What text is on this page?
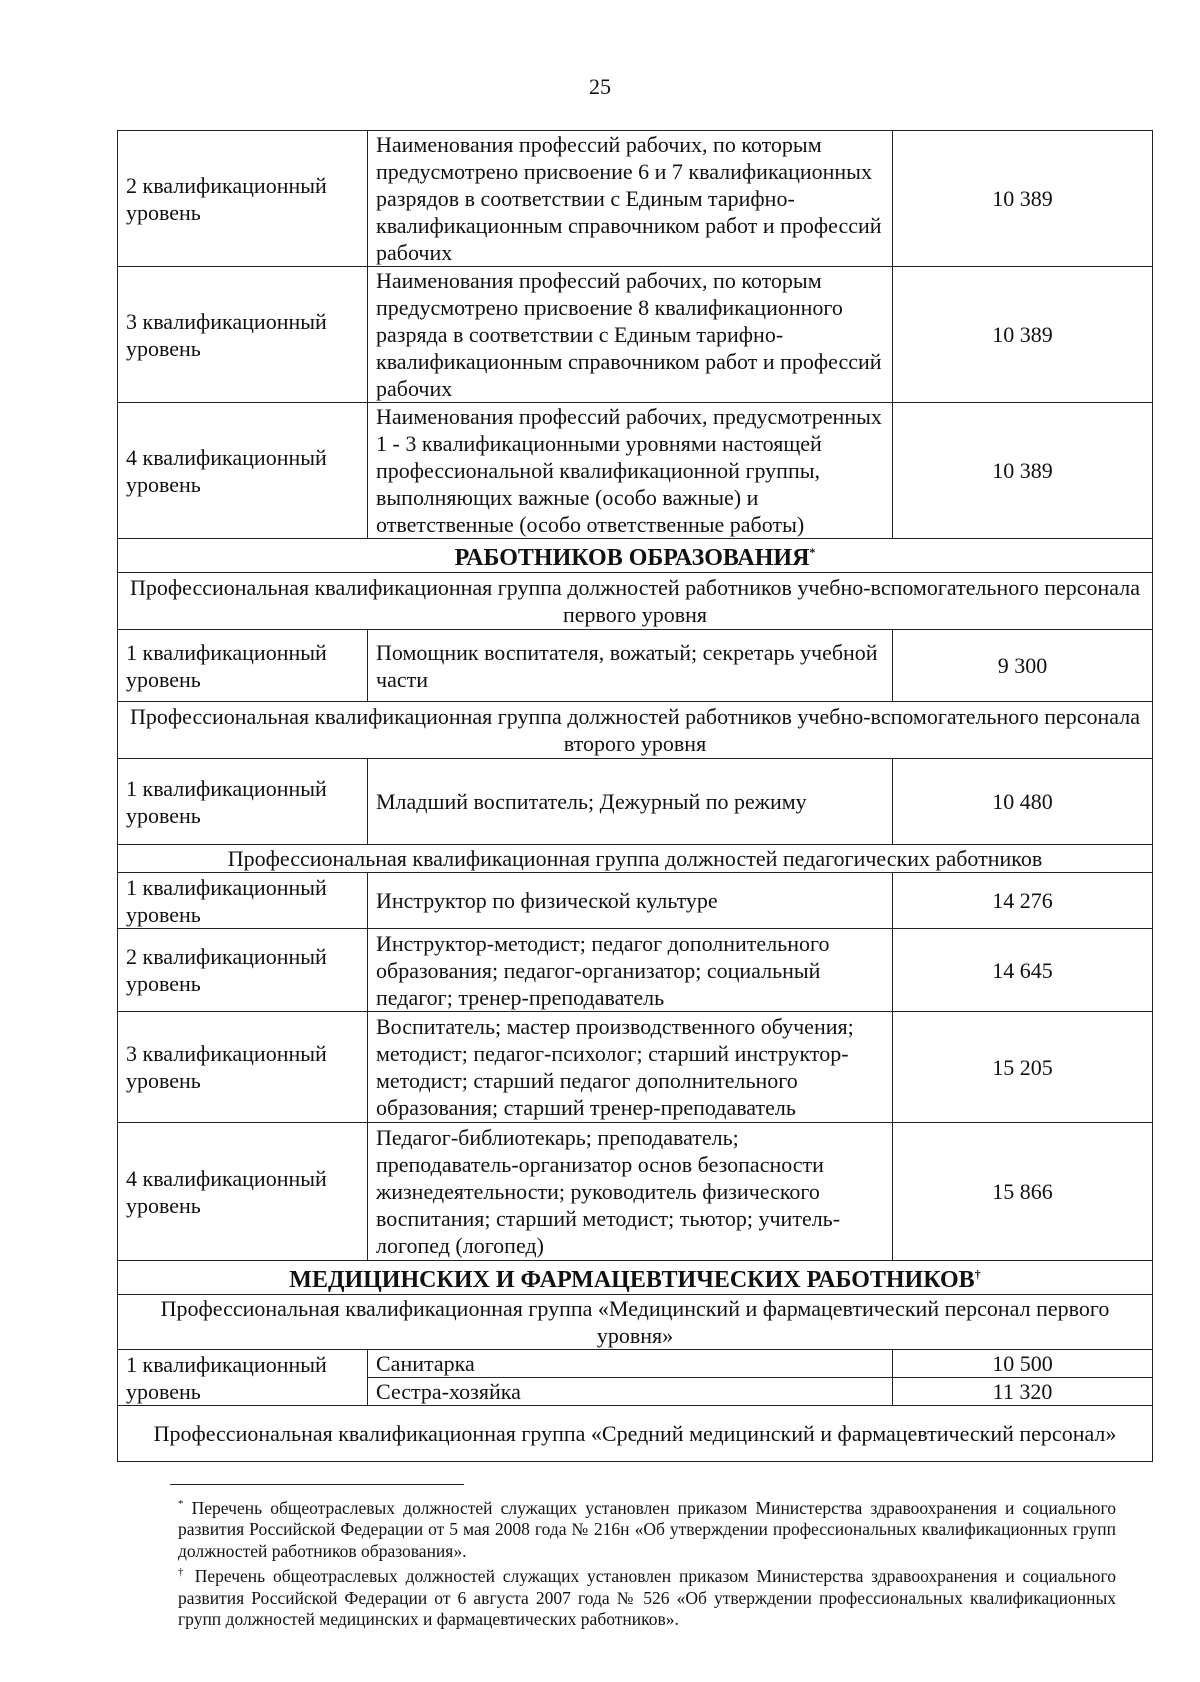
25
2 квалификационный уровень	Наименования профессий рабочих, по которым предусмотрено присвоение 6 и 7 квалификационных разрядов в соответствии с Единым тарифно-квалификационным справочником работ и профессий рабочих	10 389
3 квалификационный уровень	Наименования профессий рабочих, по которым предусмотрено присвоение 8 квалификационного разряда в соответствии с Единым тарифно-квалификационным справочником работ и профессий рабочих	10 389
4 квалификационный уровень	Наименования профессий рабочих, предусмотренных 1 - 3 квалификационными уровнями настоящей профессиональной квалификационной группы, выполняющих важные (особо важные) и ответственные (особо ответственные работы)	10 389
РАБОТНИКОВ ОБРАЗОВАНИЯ*
Профессиональная квалификационная группа должностей работников учебно-вспомогательного персонала первого уровня		
1 квалификационный уровень	Помощник воспитателя, вожатый; секретарь учебной части	9 300
Профессиональная квалификационная группа должностей работников учебно-вспомогательного персонала второго уровня		
1 квалификационный уровень	Младший воспитатель; Дежурный по режиму	10 480
Профессиональная квалификационная группа должностей педагогических работников		
1 квалификационный уровень	Инструктор по физической культуре	14 276
2 квалификационный уровень	Инструктор-методист; педагог дополнительного образования; педагог-организатор; социальный педагог; тренер-преподаватель	14 645
3 квалификационный уровень	Воспитатель; мастер производственного обучения; методист; педагог-психолог; старший инструктор-методист; старший педагог дополнительного образования; старший тренер-преподаватель	15 205
4 квалификационный уровень	Педагог-библиотекарь; преподаватель; преподаватель-организатор основ безопасности жизнедеятельности; руководитель физического воспитания; старший методист; тьютор; учитель-логопед (логопед)	15 866
МЕДИЦИНСКИХ И ФАРМАЦЕВТИЧЕСКИХ РАБОТНИКОВ†
Профессиональная квалификационная группа «Медицинский и фармацевтический персонал первого уровня»		
1 квалификационный уровень	Санитарка	10 500
	Сестра-хозяйка	11 320
Профессиональная квалификационная группа «Средний медицинский и фармацевтический персонал»		

* Перечень общеотраслевых должностей служащих установлен приказом Министерства здравоохранения и социального развития Российской Федерации от 5 мая 2008 года № 216н «Об утверждении профессиональных квалификационных групп должностей работников образования».

† Перечень общеотраслевых должностей служащих установлен приказом Министерства здравоохранения и социального развития Российской Федерации от 6 августа 2007 года № 526 «Об утверждении профессиональных квалификационных групп должностей медицинских и фармацевтических работников».
